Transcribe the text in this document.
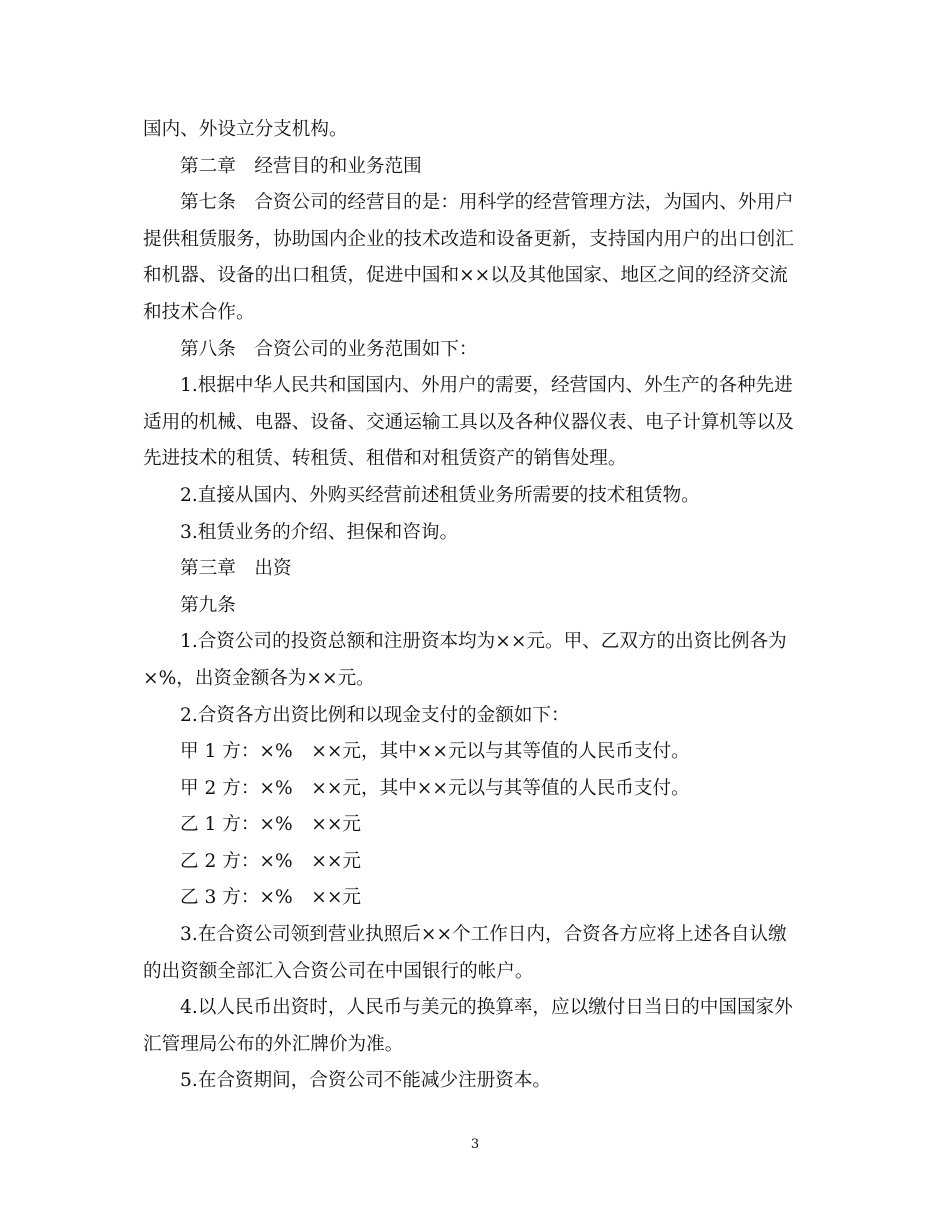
国内、外设立分支机构。

第二章　经营目的和业务范围

第七条　合资公司的经营目的是：用科学的经营管理方法，为国内、外用户

提供租赁服务，协助国内企业的技术改造和设备更新，支持国内用户的出口创汇

和机器、设备的出口租赁，促进中国和××以及其他国家、地区之间的经济交流

和技术合作。

第八条　合资公司的业务范围如下：

1.根据中华人民共和国国内、外用户的需要，经营国内、外生产的各种先进

适用的机械、电器、设备、交通运输工具以及各种仪器仪表、电子计算机等以及

先进技术的租赁、转租赁、租借和对租赁资产的销售处理。

2.直接从国内、外购买经营前述租赁业务所需要的技术租赁物。

3.租赁业务的介绍、担保和咨询。

第三章　出资

第九条

1.合资公司的投资总额和注册资本均为××元。甲、乙双方的出资比例各为

×%，出资金额各为××元。

2.合资各方出资比例和以现金支付的金额如下：

甲 1 方：×%　××元，其中××元以与其等值的人民币支付。

甲 2 方：×%　××元，其中××元以与其等值的人民币支付。

乙 1 方：×%　××元

乙 2 方：×%　××元

乙 3 方：×%　××元

3.在合资公司领到营业执照后××个工作日内，合资各方应将上述各自认缴

的出资额全部汇入合资公司在中国银行的帐户。

4.以人民币出资时，人民币与美元的换算率，应以缴付日当日的中国国家外

汇管理局公布的外汇牌价为准。

5.在合资期间，合资公司不能减少注册资本。

3
